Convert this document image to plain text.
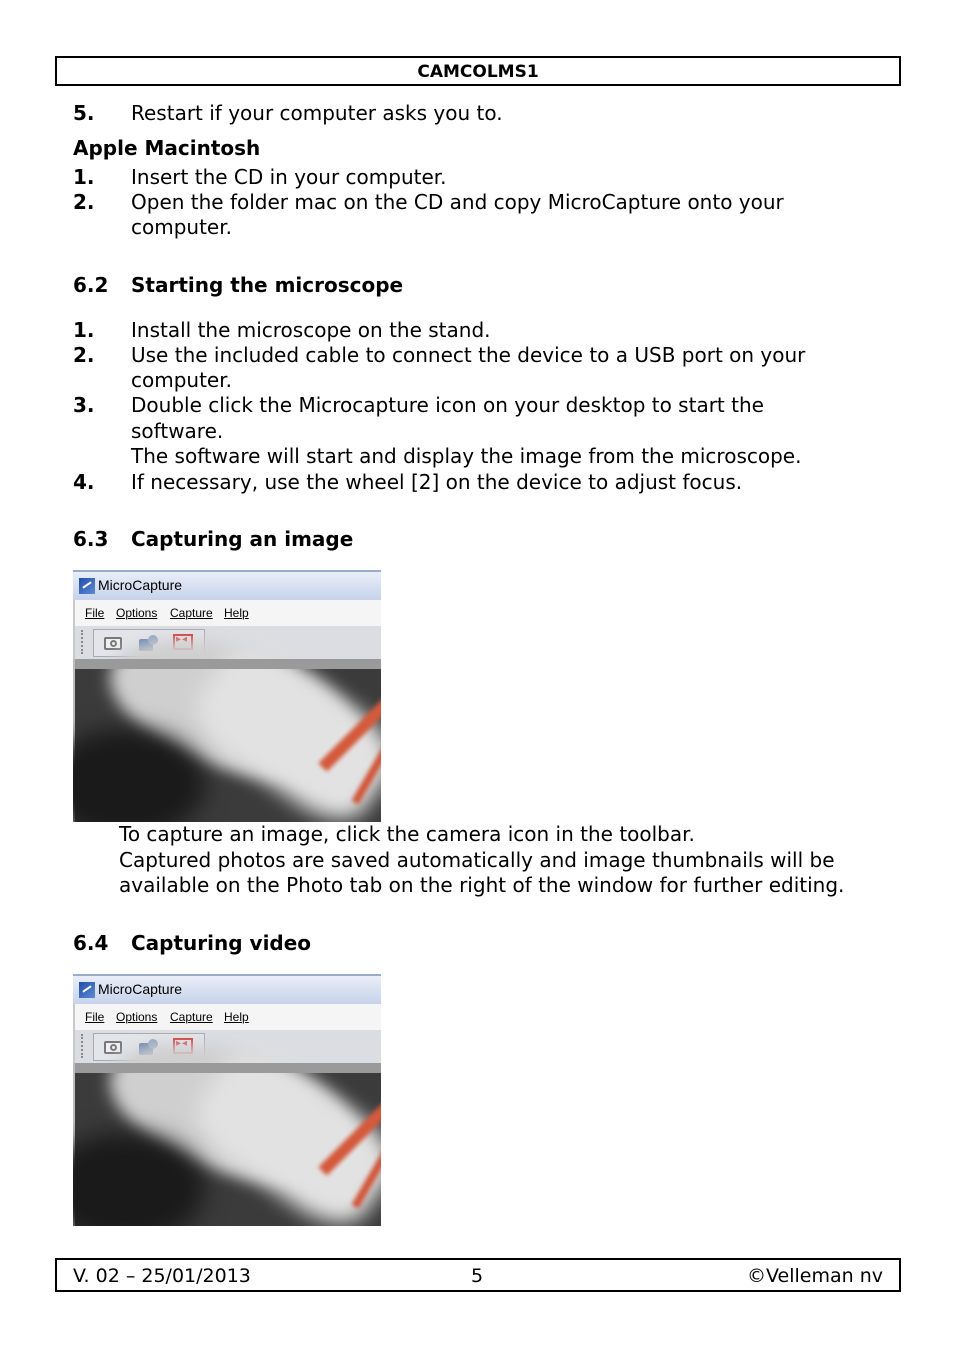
CAMCOLMS1
5. Restart if your computer asks you to.
Apple Macintosh
1. Insert the CD in your computer.
2. Open the folder mac on the CD and copy MicroCapture onto your
computer.
6.2 Starting the microscope
1. Install the microscope on the stand.
2. Use the included cable to connect the device to a USB port on your
computer.
3. Double click the Microcapture icon on your desktop to start the
software.
The software will start and display the image from the microscope.
4. If necessary, use the wheel [2] on the device to adjust focus.
6.3 Capturing an image
MicroCapture
File Options Capture Help
▸◂
To capture an image, click the camera icon in the toolbar.
Captured photos are saved automatically and image thumbnails will be
available on the Photo tab on the right of the window for further editing.
6.4 Capturing video
MicroCapture
File Options Capture Help
▸◂
V. 02 – 25/01/2013	5	©Velleman nv
